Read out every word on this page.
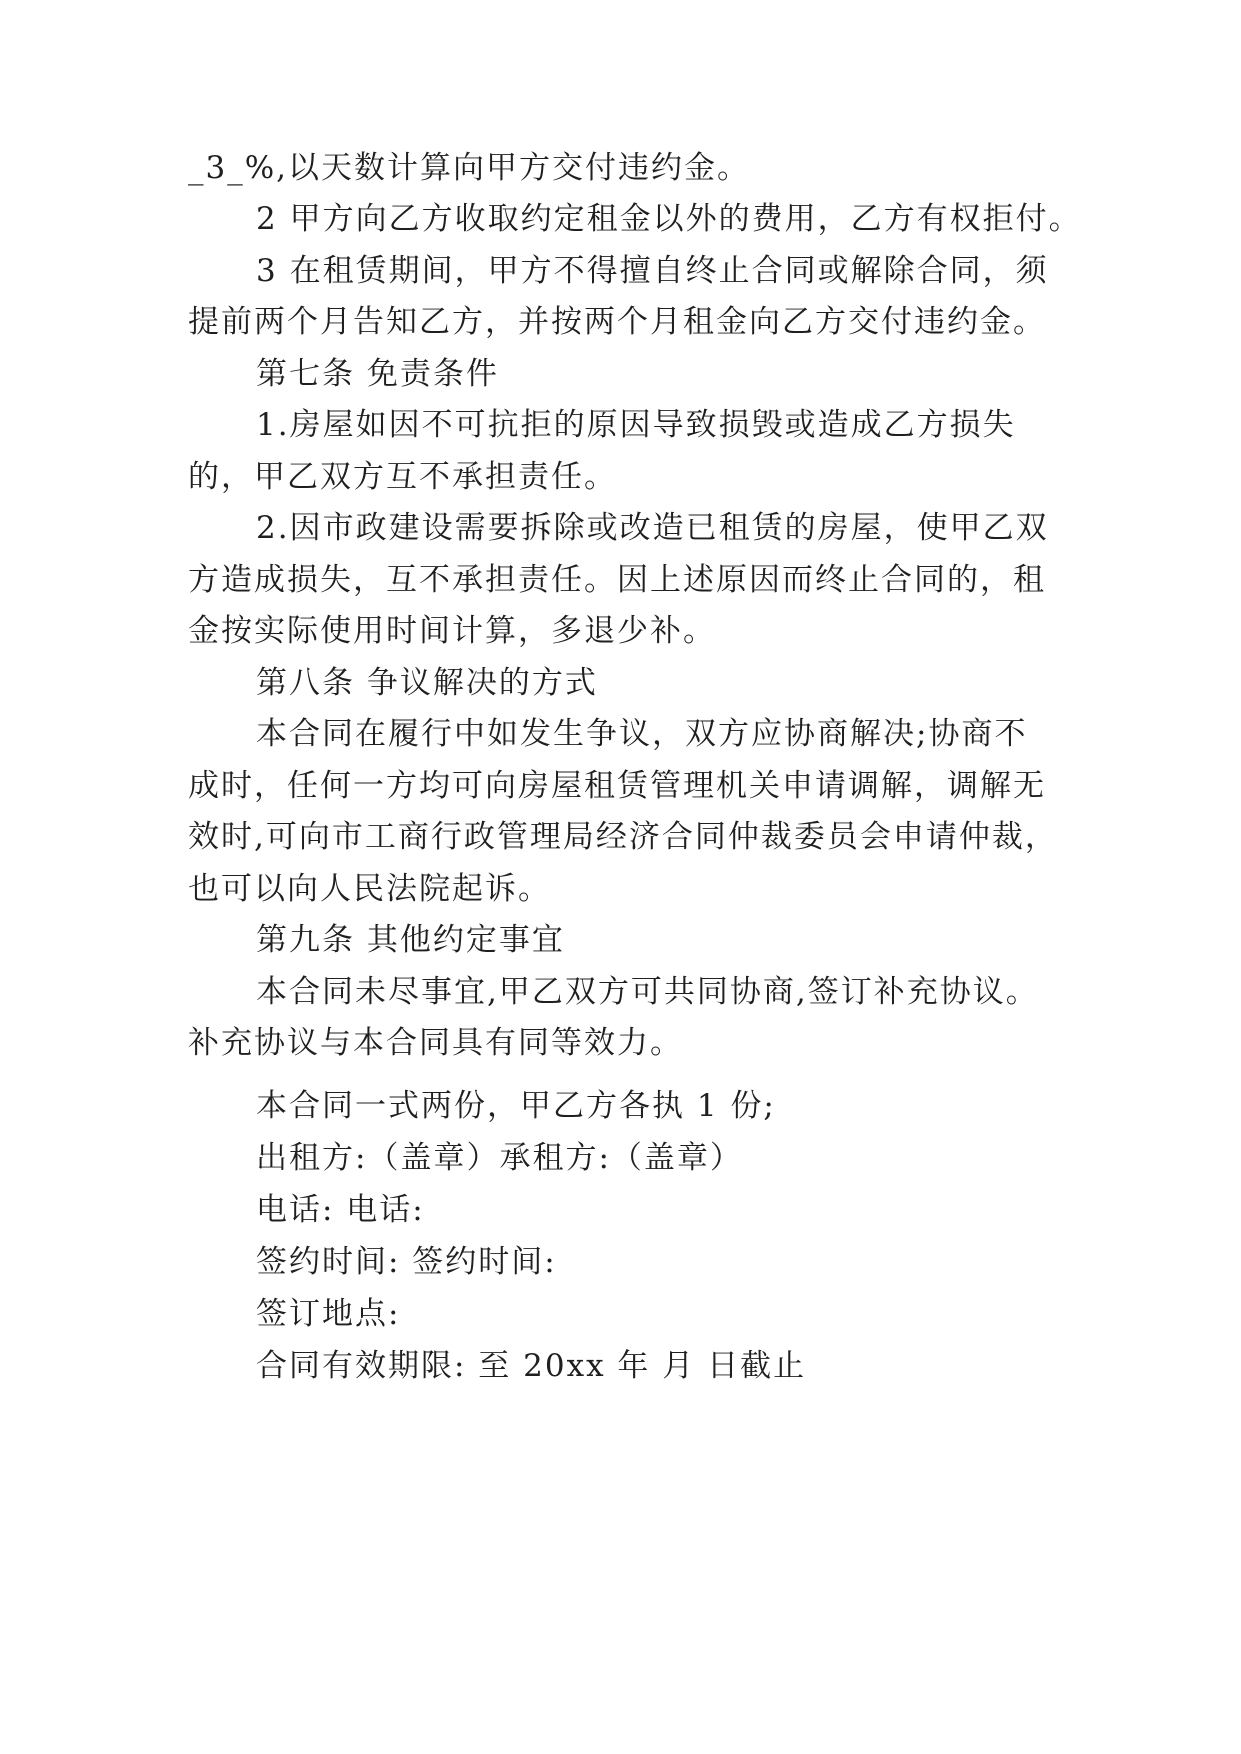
_3_%,以天数计算向甲方交付违约金。
2 甲方向乙方收取约定租金以外的费用，乙方有权拒付。
3 在租赁期间，甲方不得擅自终止合同或解除合同，须
提前两个月告知乙方，并按两个月租金向乙方交付违约金。
第七条 免责条件
1.房屋如因不可抗拒的原因导致损毁或造成乙方损失
的，甲乙双方互不承担责任。
2.因市政建设需要拆除或改造已租赁的房屋，使甲乙双
方造成损失，互不承担责任。因上述原因而终止合同的，租
金按实际使用时间计算，多退少补。
第八条 争议解决的方式
本合同在履行中如发生争议，双方应协商解决;协商不
成时，任何一方均可向房屋租赁管理机关申请调解，调解无
效时,可向市工商行政管理局经济合同仲裁委员会申请仲裁，
也可以向人民法院起诉。
第九条 其他约定事宜
本合同未尽事宜,甲乙双方可共同协商,签订补充协议。
补充协议与本合同具有同等效力。
本合同一式两份，甲乙方各执 1 份;
出租方:（盖章）承租方:（盖章）
电话: 电话:
签约时间: 签约时间:
签订地点:
合同有效期限: 至 20xx 年 月 日截止
